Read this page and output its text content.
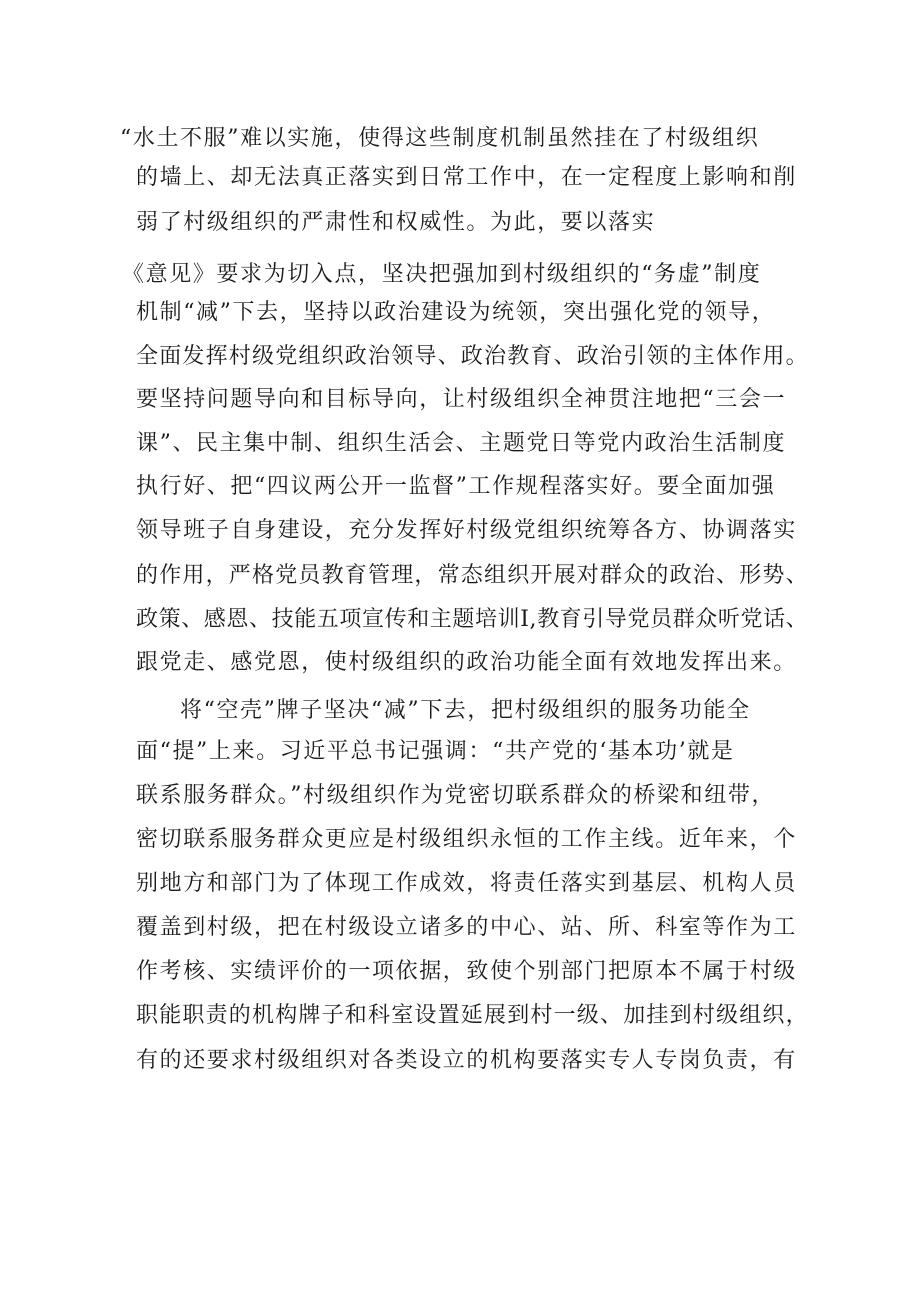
“水土不服”难以实施，使得这些制度机制虽然挂在了村级组织
的墙上、却无法真正落实到日常工作中，在一定程度上影响和削
弱了村级组织的严肃性和权威性。为此，要以落实
《意见》要求为切入点，坚决把强加到村级组织的“务虚”制度
机制“减”下去，坚持以政治建设为统领，突出强化党的领导，
全面发挥村级党组织政治领导、政治教育、政治引领的主体作用。
要坚持问题导向和目标导向，让村级组织全神贯注地把“三会一
课”、民主集中制、组织生活会、主题党日等党内政治生活制度
执行好、把“四议两公开一监督”工作规程落实好。要全面加强
领导班子自身建设，充分发挥好村级党组织统筹各方、协调落实
的作用，严格党员教育管理，常态组织开展对群众的政治、形势、
政策、感恩、技能五项宣传和主题培训I,教育引导党员群众听党话、
跟党走、感党恩，使村级组织的政治功能全面有效地发挥出来。
将“空壳”牌子坚决“减”下去，把村级组织的服务功能全
面“提”上来。习近平总书记强调：“共产党的‘基本功’就是
联系服务群众。”村级组织作为党密切联系群众的桥梁和纽带，
密切联系服务群众更应是村级组织永恒的工作主线。近年来，个
别地方和部门为了体现工作成效，将责任落实到基层、机构人员
覆盖到村级，把在村级设立诸多的中心、站、所、科室等作为工
作考核、实绩评价的一项依据，致使个别部门把原本不属于村级
职能职责的机构牌子和科室设置延展到村一级、加挂到村级组织，
有的还要求村级组织对各类设立的机构要落实专人专岗负责，有
